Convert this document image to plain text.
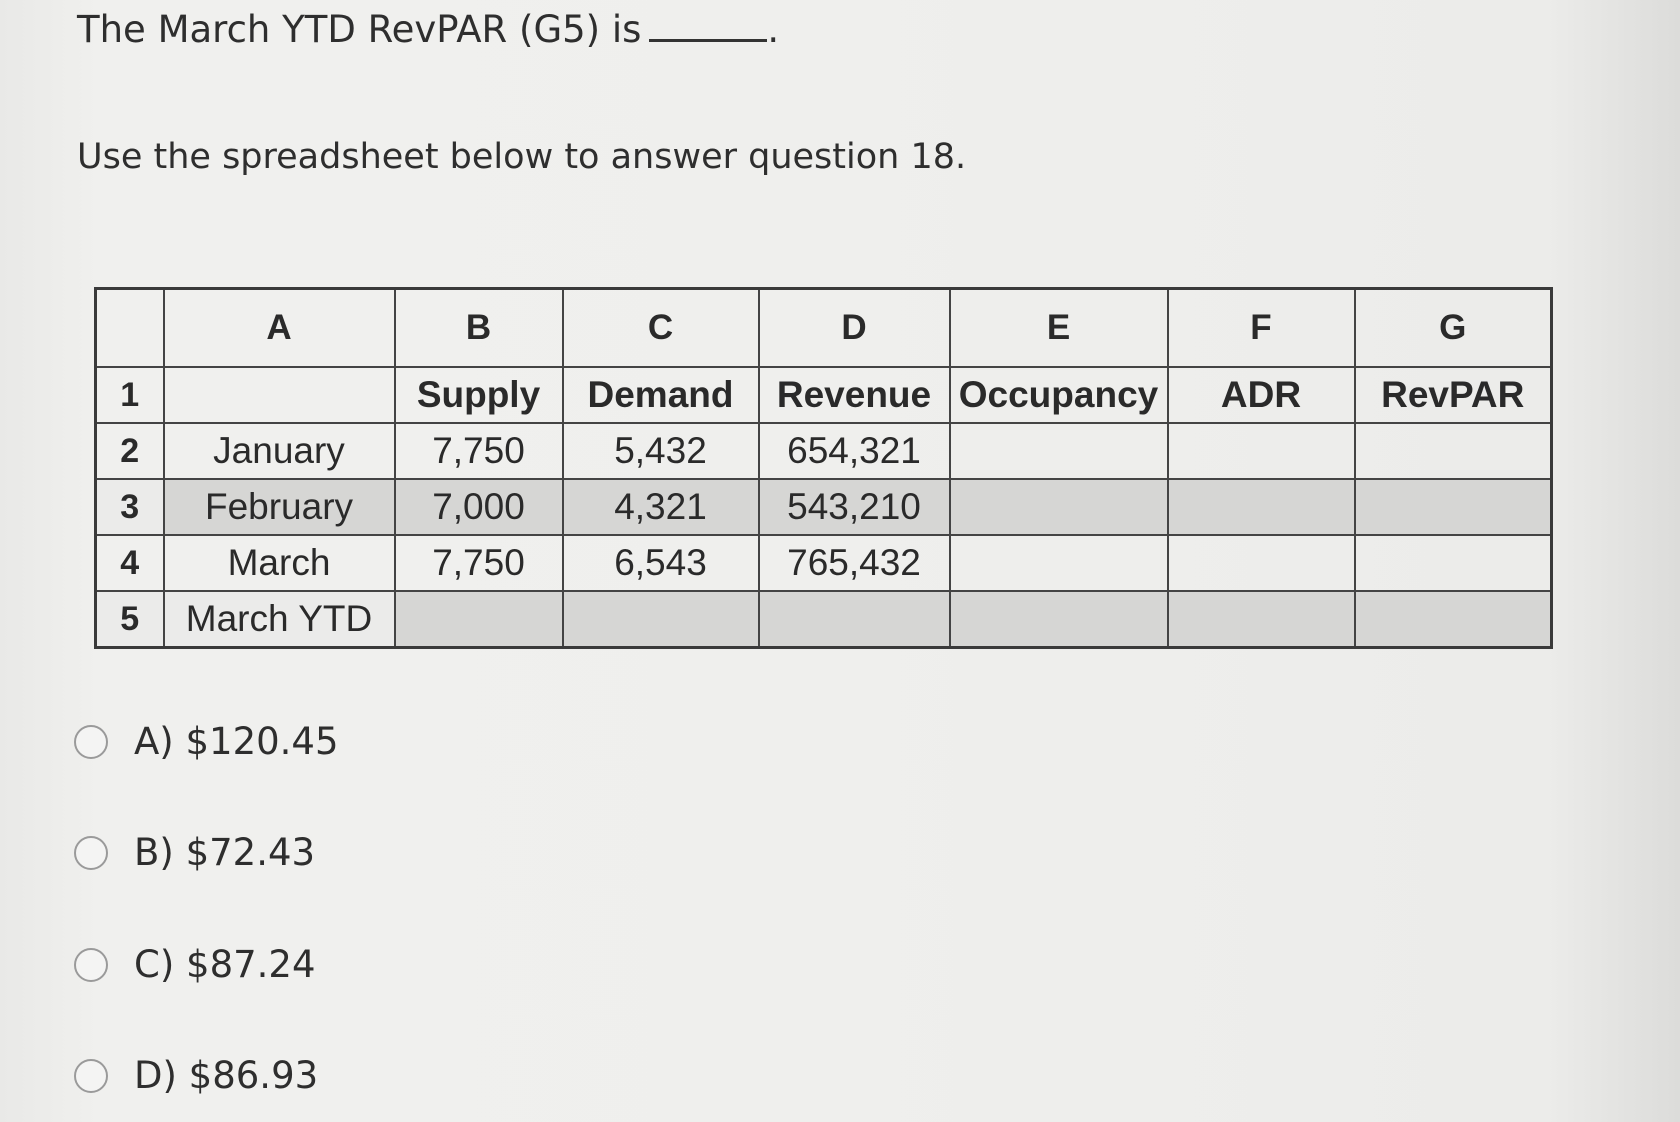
The March YTD RevPAR (G5) is	.
Use the spreadsheet below to answer question 18.
	A	B	C	D	E	F	G
1		Supply	Demand	Revenue	Occupancy	ADR	RevPAR
2	January	7,750	5,432	654,321			
3	February	7,000	4,321	543,210			
4	March	7,750	6,543	765,432			
5	March YTD						
A) $120.45
B) $72.43
C) $87.24
D) $86.93
